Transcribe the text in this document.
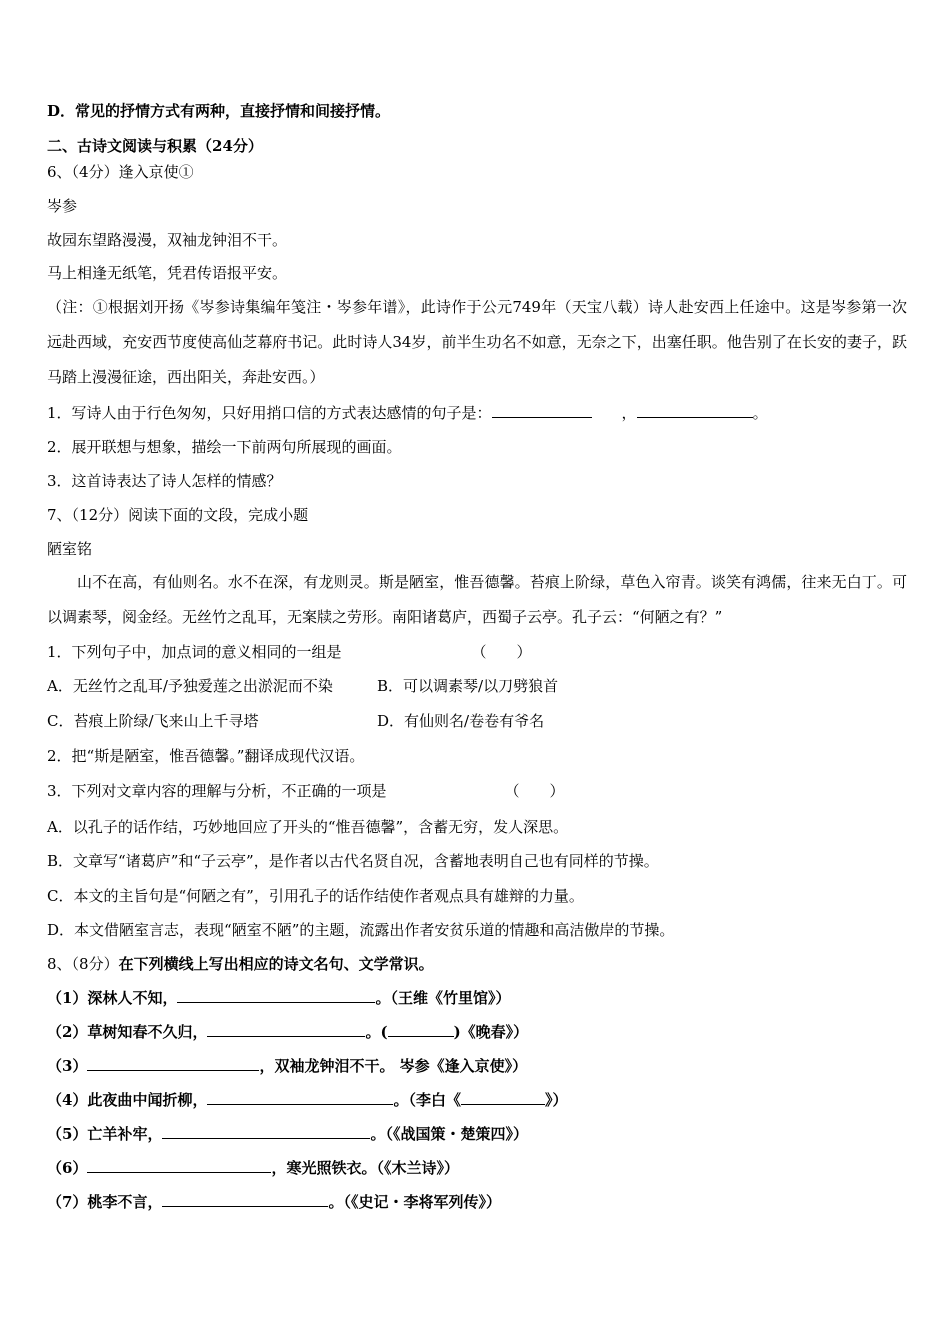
D．常见的抒情方式有两种，直接抒情和间接抒情。
二、古诗文阅读与积累（24分）
6、（4分）逢入京使➀
岑参
故园东望路漫漫，双袖龙钟泪不干。
马上相逢无纸笔，凭君传语报平安。
（注：➀根据刘开扬《岑参诗集编年笺注・岑参年谱》，此诗作于公元749年（天宝八载）诗人赴安西上任途中。这是岑参第一次远赴西域，充安西节度使高仙芝幕府书记。此时诗人34岁，前半生功名不如意，无奈之下，出塞任职。他告别了在长安的妻子，跃马踏上漫漫征途，西出阳关，奔赴安西。）
1．写诗人由于行色匆匆，只好用捎口信的方式表达感情的句子是：	，	。
2．展开联想与想象，描绘一下前两句所展现的画面。
3．这首诗表达了诗人怎样的情感？
7、（12分）阅读下面的文段，完成小题
陋室铭
山不在高，有仙则名。水不在深，有龙则灵。斯是陋室，惟吾德馨。苔痕上阶绿，草色入帘青。谈笑有鸿儒，往来无白丁。可以调素琴，阅金经。无丝竹之乱耳，无案牍之劳形。南阳诸葛庐，西蜀子云亭。孔子云：“何陋之有？”
1．下列句子中，加点词的意义相同的一组是	（　　）
A．无丝竹之乱耳/予独爱莲之出淤泥而不染	B．可以调素琴/以刀劈狼首
C．苔痕上阶绿/飞来山上千寻塔	D．有仙则名/卷卷有爷名
2．把“斯是陋室，惟吾德馨。”翻译成现代汉语。
3．下列对文章内容的理解与分析，不正确的一项是	（　　）
A．以孔子的话作结，巧妙地回应了开头的“惟吾德馨”，含蓄无穷，发人深思。
B．文章写“诸葛庐”和“子云亭”，是作者以古代名贤自况，含蓄地表明自己也有同样的节操。
C．本文的主旨句是“何陋之有”，引用孔子的话作结使作者观点具有雄辩的力量。
D．本文借陋室言志，表现“陋室不陋”的主题，流露出作者安贫乐道的情趣和高洁傲岸的节操。
8、（8分）在下列横线上写出相应的诗文名句、文学常识。
（1）深林人不知，	。（王维《竹里馆》）
（2）草树知春不久归，	。(	)《晚春》）
（3）	，双袖龙钟泪不干。 岑参《逢入京使》）
（4）此夜曲中闻折柳，	。（李白《	》）
（5）亡羊补牢，	。（《战国策・楚策四》）
（6）	，寒光照铁衣。（《木兰诗》）
（7）桃李不言，	。（《史记・李将军列传》）
